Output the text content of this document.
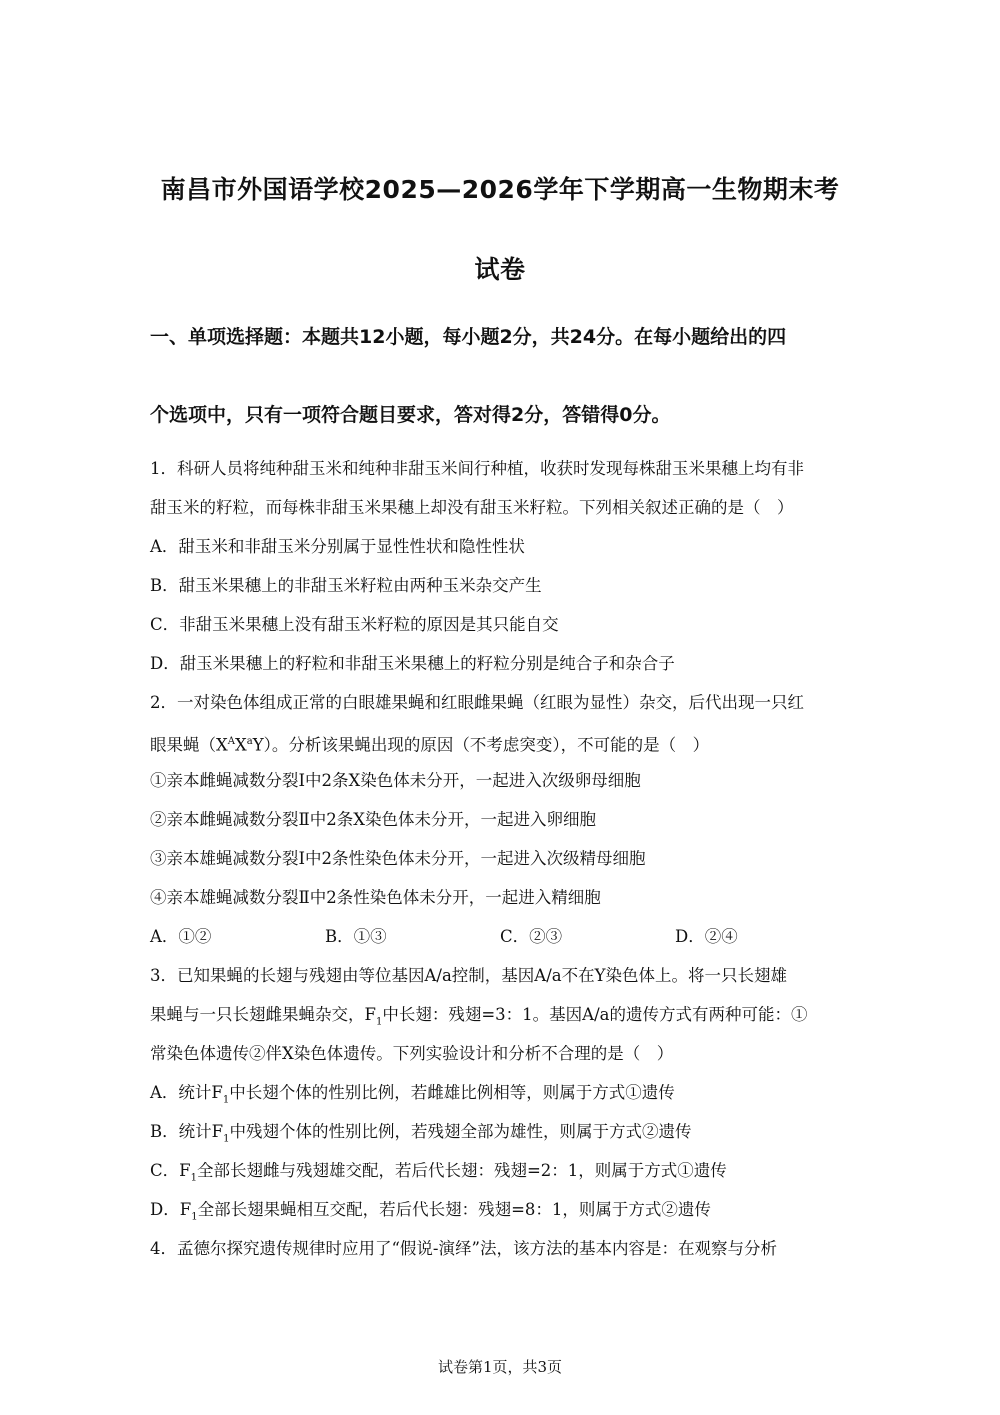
南昌市外国语学校2025—2026学年下学期高一生物期末考
试卷
一、单项选择题：本题共12小题，每小题2分，共24分。在每小题给出的四
个选项中，只有一项符合题目要求，答对得2分，答错得0分。
1．科研人员将纯种甜玉米和纯种非甜玉米间行种植，收获时发现每株甜玉米果穗上均有非
甜玉米的籽粒，而每株非甜玉米果穗上却没有甜玉米籽粒。下列相关叙述正确的是（　）
A．甜玉米和非甜玉米分别属于显性性状和隐性性状
B．甜玉米果穗上的非甜玉米籽粒由两种玉米杂交产生
C．非甜玉米果穗上没有甜玉米籽粒的原因是其只能自交
D．甜玉米果穗上的籽粒和非甜玉米果穗上的籽粒分别是纯合子和杂合子
2．一对染色体组成正常的白眼雄果蝇和红眼雌果蝇（红眼为显性）杂交，后代出现一只红
眼果蝇$(X^AX^aY)$。分析该果蝇出现的原因（不考虑突变），不可能的是（　）
①亲本雌蝇减数分裂Ⅰ中2条X染色体未分开，一起进入次级卵母细胞
②亲本雌蝇减数分裂Ⅱ中2条X染色体未分开，一起进入卵细胞
③亲本雄蝇减数分裂Ⅰ中2条性染色体未分开，一起进入次级精母细胞
④亲本雄蝇减数分裂Ⅱ中2条性染色体未分开，一起进入精细胞
A．①②	B．①③	C．②③	D．②④
3．已知果蝇的长翅与残翅由等位基因A/a控制，基因A/a不在Y染色体上。将一只长翅雄
果蝇与一只长翅雌果蝇杂交，$F_1$中长翅：残翅=3：1。基因A/a的遗传方式有两种可能：①
常染色体遗传②伴X染色体遗传。下列实验设计和分析不合理的是（　）
A．统计$F_1$中长翅个体的性别比例，若雌雄比例相等，则属于方式①遗传
B．统计$F_1$中残翅个体的性别比例，若残翅全部为雄性，则属于方式②遗传
C．$F_1$全部长翅雌与残翅雄交配，若后代长翅：残翅=2：1，则属于方式①遗传
D．$F_1$全部长翅果蝇相互交配，若后代长翅：残翅=8：1，则属于方式②遗传
4．孟德尔探究遗传规律时应用了“假说-演绎”法，该方法的基本内容是：在观察与分析
试卷第1页，共3页
